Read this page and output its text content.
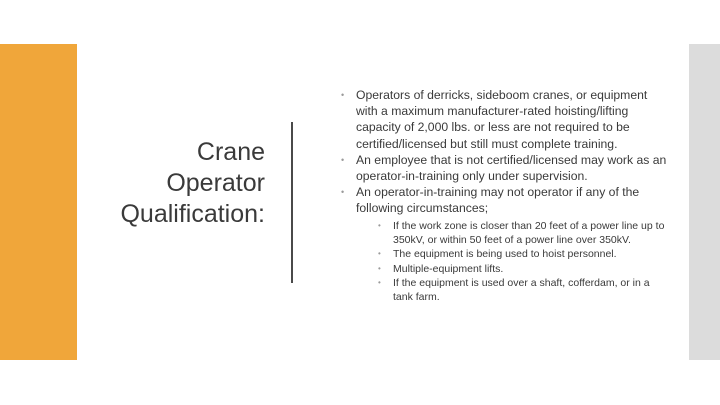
Crane
Operator
Qualification:
• Operators of derricks, sideboom cranes, or equipment with a maximum manufacturer-rated hoisting/lifting capacity of 2,000 lbs. or less are not required to be certified/licensed but still must complete training.
• An employee that is not certified/licensed may work as an operator-in-training only under supervision.
• An operator-in-training may not operator if any of the following circumstances;
• If the work zone is closer than 20 feet of a power line up to 350kV, or within 50 feet of a power line over 350kV.
• The equipment is being used to hoist personnel.
• Multiple-equipment lifts.
• If the equipment is used over a shaft, cofferdam, or in a tank farm.
